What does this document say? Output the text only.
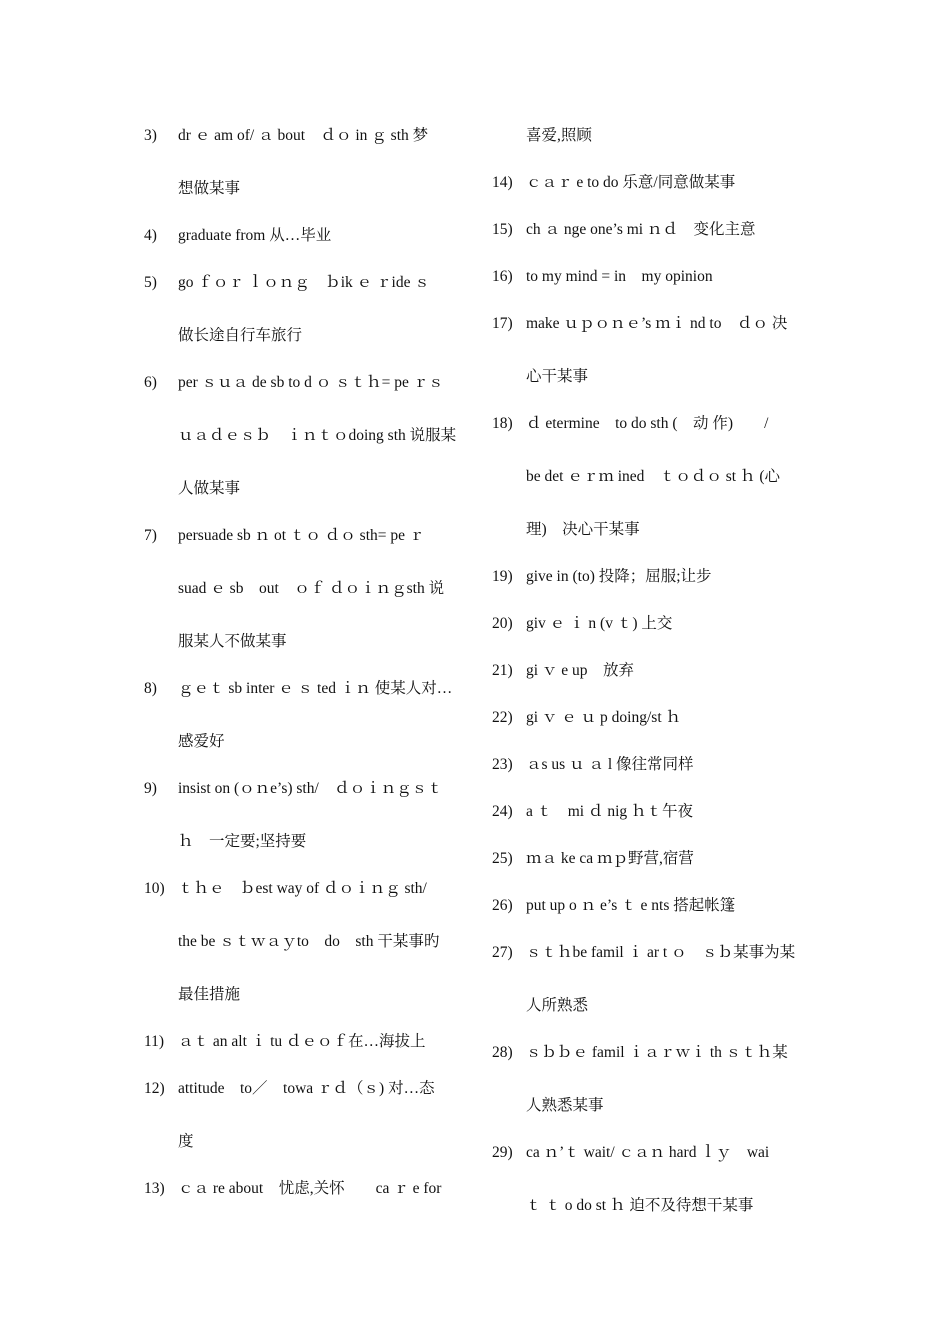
3) dr ｅ am of/ ａ bout　ｄｏ in ｇ sth 梦
想做某事
4) graduate from 从…毕业
5) go ｆｏｒ ｌｏｎｇ　ｂik ｅ ｒide ｓ
做长途自行车旅行
6) per ｓｕａ de sb to d ｏ ｓｔｈ= pe ｒｓ
ｕａｄｅｓｂ　ｉｎｔｏdoing sth 说服某
人做某事
7) persuade sb ｎ ot ｔｏ ｄｏ sth= pe ｒ
suad ｅ sb　out　ｏｆ ｄｏｉｎｇsth 说
服某人不做某事
8) ｇｅｔ sb inter ｅ ｓ ted ｉｎ 使某人对…
感爱好
9) insist on (ｏｎe’s) sth/　ｄｏｉｎｇｓｔ
ｈ　一定要;坚持要
10) ｔｈｅ　ｂest way of ｄｏｉｎｇ sth/
the be ｓｔｗａｙto　do　sth 干某事旳
最佳措施
11) ａｔ an alt ｉ tu ｄｅｏｆ在…海拔上
12) attitude　to／　towa ｒｄ（ｓ) 对…态
度
13) ｃａ re about　忧虑,关怀　　ca ｒ e for
喜爱,照顾
14) ｃａｒ e to do 乐意/同意做某事
15) ch ａ nge one’s mi ｎｄ　变化主意
16) to my mind = in　my opinion
17) make ｕｐｏｎｅ’s ｍｉ nd to　ｄｏ 决
心干某事
18) ｄ etermine　to do sth (　动 作)　　/
be det ｅｒｍ ined　ｔｏｄｏ st ｈ (心
理)　决心干某事
19) give in (to) 投降；屈服;让步
20) giv ｅ ｉ n (v ｔ) 上交
21) gi ｖ e up　放弃
22) gi ｖ ｅ ｕ p doing/st ｈ
23) ａs us ｕ ａ l 像往常同样
24) a ｔ　mi ｄ nig ｈｔ午夜
25) ｍａ ke ca ｍｐ野营,宿营
26) put up o ｎ e’s ｔ e nts 搭起帐篷
27) ｓｔｈbe famil ｉ ar t ｏ　ｓｂ某事为某
人所熟悉
28) ｓｂｂｅ famil ｉａｒｗｉ th ｓｔｈ某
人熟悉某事
29) ca ｎ’ｔ wait/ ｃａｎ hard ｌｙ　wai
ｔ ｔ o do st ｈ 迫不及待想干某事
